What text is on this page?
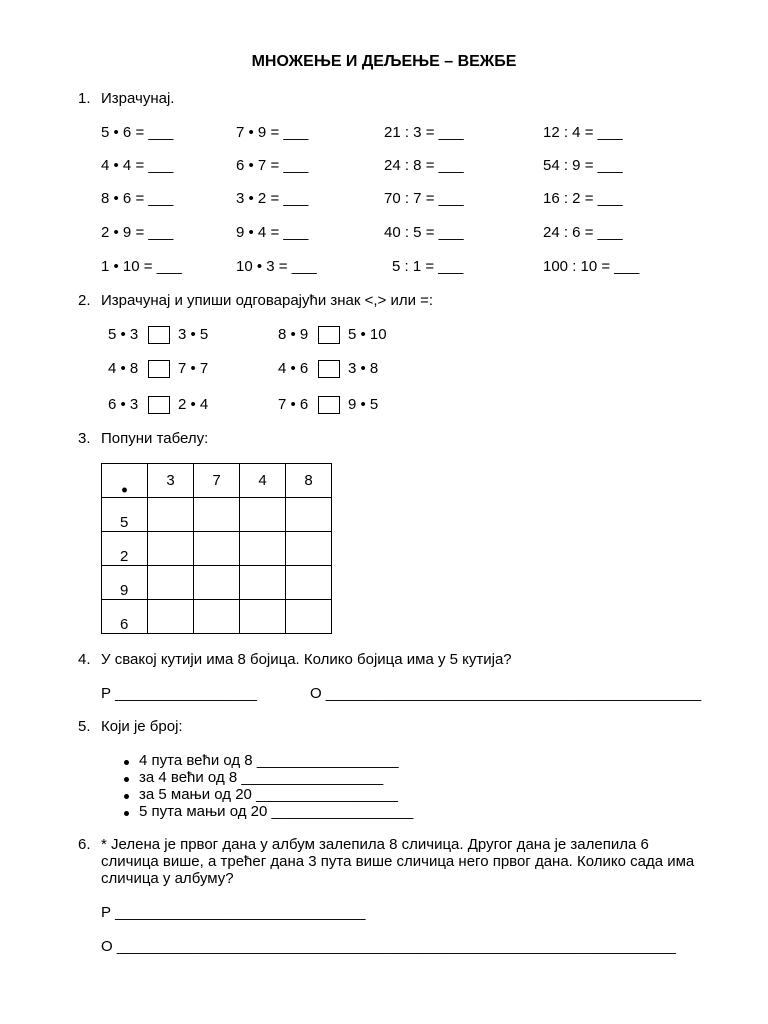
МНОЖЕЊЕ И ДЕЉЕЊЕ – ВЕЖБЕ
1. Израчунај.
5 • 6 = ___	7 • 9 = ___	21 : 3 = ___	12 : 4 = ___
4 • 4 = ___	6 • 7 = ___	24 : 8 = ___	54 : 9 = ___
8 • 6 = ___	3 • 2 = ___	70 : 7 = ___	16 : 2 = ___
2 • 9 = ___	9 • 4 = ___	40 : 5 = ___	24 : 6 = ___
1 • 10 = ___	10 • 3 = ___	5 : 1 = ___	100 : 10 = ___
2. Израчунај и упиши одговарајући знак <,> или =:
5 • 3	3 • 5	8 • 9	5 • 10
4 • 8	7 • 7	4 • 6	3 • 8
6 • 3	2 • 4	7 • 6	9 • 5
3. Попуни табелу:
•	3	7	4	8
5				
2				
9				
6				
4. У свакој кутији има 8 бојица. Колико бојица има у 5 кутија?
Р _________________	О _____________________________________________
5. Који је број:
4 пута већи од 8 _________________
за 4 већи од 8 _________________
за 5 мањи од 20 _________________
5 пута мањи од 20 _________________
6. * Јелена је првог дана у албум залепила 8 сличица. Другог дана је залепила 6 сличица више, а трећег дана 3 пута више сличица него првог дана. Колико сада има сличица у албуму?
Р ______________________________
О ___________________________________________________________________
